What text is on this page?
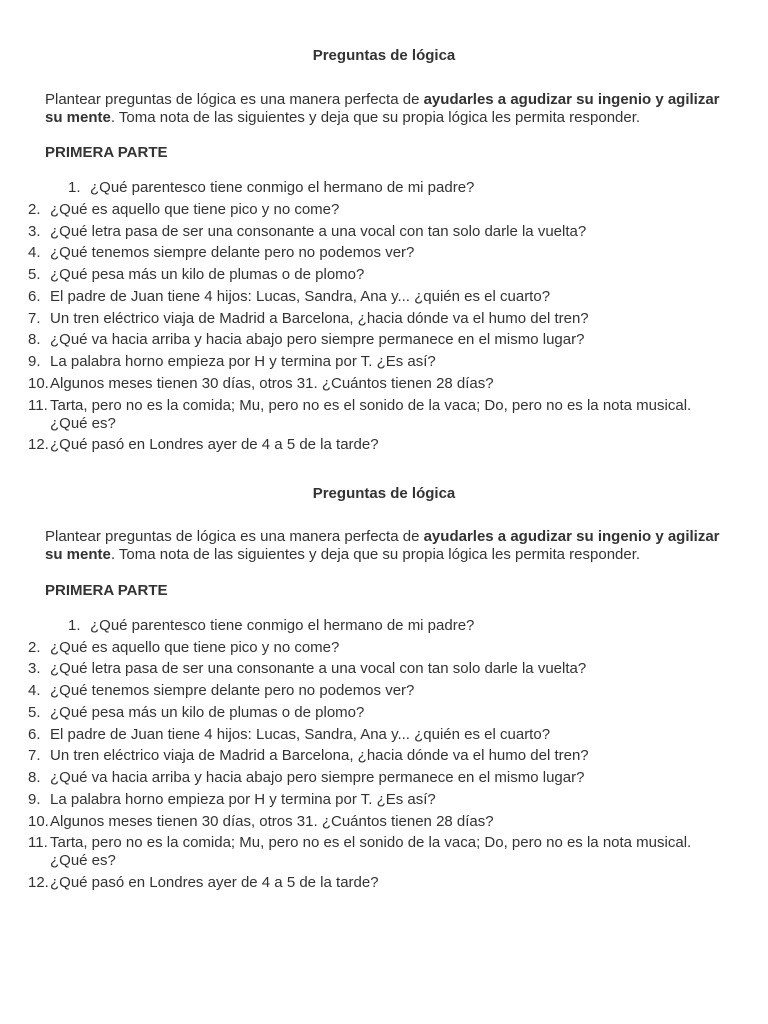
Preguntas de lógica
Plantear preguntas de lógica es una manera perfecta de ayudarles a agudizar su ingenio y agilizar su mente. Toma nota de las siguientes y deja que su propia lógica les permita responder.
PRIMERA PARTE
1. ¿Qué parentesco tiene conmigo el hermano de mi padre?
2. ¿Qué es aquello que tiene pico y no come?
3. ¿Qué letra pasa de ser una consonante a una vocal con tan solo darle la vuelta?
4. ¿Qué tenemos siempre delante pero no podemos ver?
5. ¿Qué pesa más un kilo de plumas o de plomo?
6. El padre de Juan tiene 4 hijos: Lucas, Sandra, Ana y... ¿quién es el cuarto?
7. Un tren eléctrico viaja de Madrid a Barcelona, ¿hacia dónde va el humo del tren?
8. ¿Qué va hacia arriba y hacia abajo pero siempre permanece en el mismo lugar?
9. La palabra horno empieza por H y termina por T. ¿Es así?
10. Algunos meses tienen 30 días, otros 31. ¿Cuántos tienen 28 días?
11. Tarta, pero no es la comida; Mu, pero no es el sonido de la vaca; Do, pero no es la nota musical. ¿Qué es?
12. ¿Qué pasó en Londres ayer de 4 a 5 de la tarde?
Preguntas de lógica
Plantear preguntas de lógica es una manera perfecta de ayudarles a agudizar su ingenio y agilizar su mente. Toma nota de las siguientes y deja que su propia lógica les permita responder.
PRIMERA PARTE
1. ¿Qué parentesco tiene conmigo el hermano de mi padre?
2. ¿Qué es aquello que tiene pico y no come?
3. ¿Qué letra pasa de ser una consonante a una vocal con tan solo darle la vuelta?
4. ¿Qué tenemos siempre delante pero no podemos ver?
5. ¿Qué pesa más un kilo de plumas o de plomo?
6. El padre de Juan tiene 4 hijos: Lucas, Sandra, Ana y... ¿quién es el cuarto?
7. Un tren eléctrico viaja de Madrid a Barcelona, ¿hacia dónde va el humo del tren?
8. ¿Qué va hacia arriba y hacia abajo pero siempre permanece en el mismo lugar?
9. La palabra horno empieza por H y termina por T. ¿Es así?
10. Algunos meses tienen 30 días, otros 31. ¿Cuántos tienen 28 días?
11. Tarta, pero no es la comida; Mu, pero no es el sonido de la vaca; Do, pero no es la nota musical. ¿Qué es?
12. ¿Qué pasó en Londres ayer de 4 a 5 de la tarde?
